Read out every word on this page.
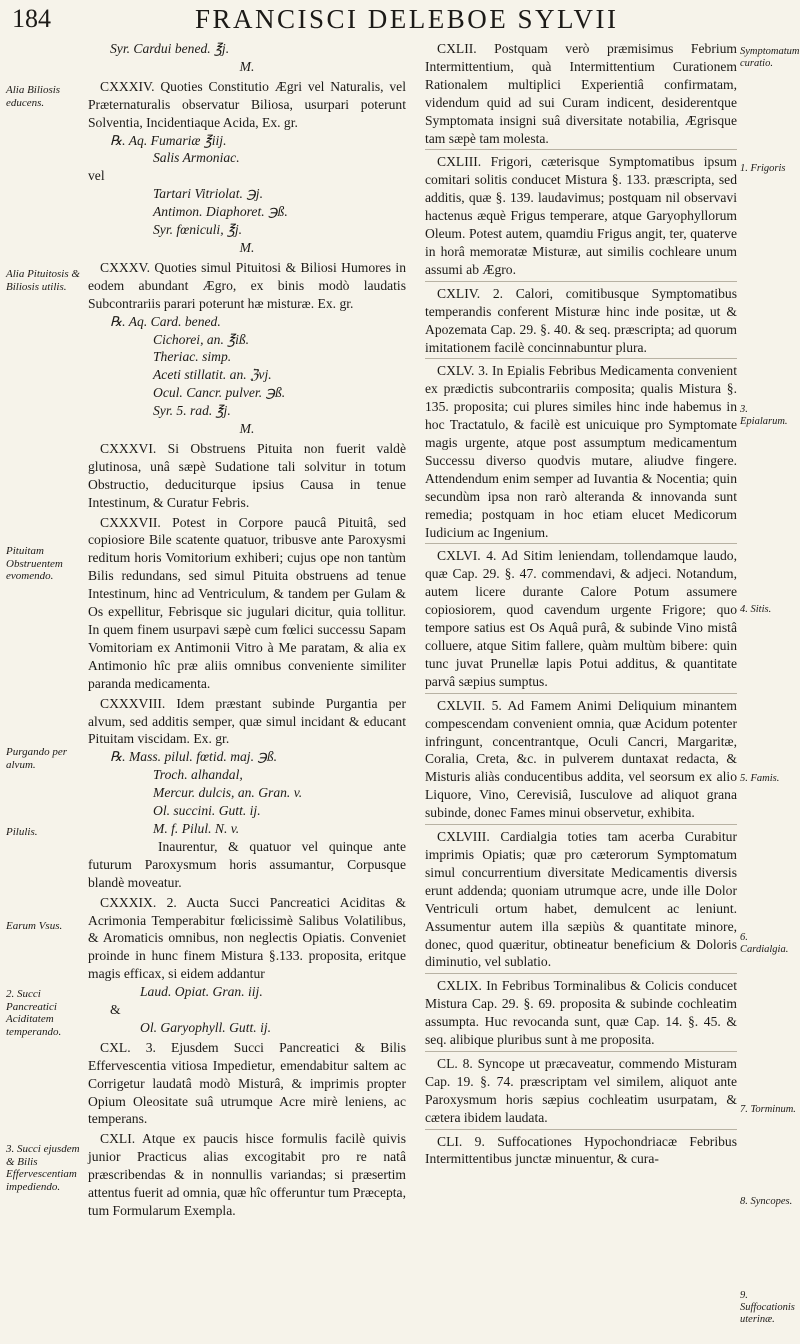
184	FRANCISCI DELEBOE SYLVII
Alia Biliosis educens.
Alia Pituitosis & Biliosis utilis.
Pituitam Obstruentem evomendo.
Purgando per alvum.
Pilulis.
Earum Vsus.
2. Succi Pancreatici Aciditatem temperando.
3. Succi ejusdem & Bilis Effervescentiam impediendo.
Symptomatum curatio.
1. Frigoris
3. Epialarum.
4. Sitis.
5. Famis.
6. Cardialgia.
7. Torminum.
8. Syncopes.
9. Suffocationis uterinæ.

Syr. Cardui bened. ℥j.

M.

CXXXIV. Quoties Constitutio Ægri vel Naturalis, vel Præternaturalis observatur Biliosa, usurpari poterunt Solventia, Incidentiaque Acida, Ex. gr.

℞. Aq. Fumariæ ℥iij.

Salis Armoniac.

vel

Tartari Vitriolat. ℈j.

Antimon. Diaphoret. ℈ß.

Syr. fœniculi, ℥j.

M.

CXXXV. Quoties simul Pituitosi & Biliosi Humores in eodem abundant Ægro, ex binis modò laudatis Subcontrariis parari poterunt hæ misturæ. Ex. gr.

℞. Aq. Card. bened.

Cichorei, an. ℥iß.

Theriac. simp.

Aceti stillatit. an. ℨvj.

Ocul. Cancr. pulver. ℈ß.

Syr. 5. rad. ℥j.

M.

CXXXVI. Si Obstruens Pituita non fuerit valdè glutinosa, unâ sæpè Sudatione tali solvitur in totum Obstructio, deduciturque ipsius Causa in tenue Intestinum, & Curatur Febris.

CXXXVII. Potest in Corpore paucâ Pituitâ, sed copiosiore Bile scatente quatuor, tribusve ante Paroxysmi reditum horis Vomitorium exhiberi; cujus ope non tantùm Bilis redundans, sed simul Pituita obstruens ad tenue Intestinum, hinc ad Ventriculum, & tandem per Gulam & Os expellitur, Febrisque sic jugulari dicitur, quia tollitur. In quem finem usurpavi sæpè cum fœlici successu Sapam Vomitoriam ex Antimonii Vitro à Me paratam, & alia ex Antimonio hîc præ aliis omnibus conveniente similiter paranda medicamenta.

CXXXVIII. Idem præstant subinde Purgantia per alvum, sed additis semper, quæ simul incidant & educant Pituitam viscidam. Ex. gr.

℞. Mass. pilul. fœtid. maj. ℈ß.

Troch. alhandal,

Mercur. dulcis, an. Gran. v.

Ol. succini. Gutt. ij.

M. f. Pilul. N. v.

Inaurentur, & quatuor vel quinque ante futurum Paroxysmum horis assumantur, Corpusque blandè moveatur.

CXXXIX. 2. Aucta Succi Pancreatici Aciditas & Acrimonia Temperabitur fœlicissimè Salibus Volatilibus, & Aromaticis omnibus, non neglectis Opiatis. Conveniet proinde in hunc finem Mistura §.133. proposita, eritque magis efficax, si eidem addantur

Laud. Opiat. Gran. iij.

&

Ol. Garyophyll. Gutt. ij.

CXL. 3. Ejusdem Succi Pancreatici & Bilis Effervescentia vitiosa Impedietur, emendabitur saltem ac Corrigetur laudatâ modò Misturâ, & imprimis propter Opium Oleositate suâ utrumque Acre mirè leniens, ac temperans.

CXLI. Atque ex paucis hisce formulis facilè quivis junior Practicus alias excogitabit pro re natâ præscribendas & in nonnullis variandas; si præsertim attentus fuerit ad omnia, quæ hîc offeruntur tum Præcepta, tum Formularum Exempla.

CXLII. Postquam verò præmisimus Febrium Intermittentium, quà Intermittentium Curationem Rationalem multiplici Experientiâ confirmatam, videndum quid ad sui Curam indicent, desiderentque Symptomata insigni suâ diversitate notabilia, Ægrisque tam sæpè tam molesta.

CXLIII. Frigori, cæterisque Symptomatibus ipsum comitari solitis conducet Mistura §. 133. præscripta, sed additis, quæ §. 139. laudavimus; postquam nil observavi hactenus æquè Frigus temperare, atque Garyophyllorum Oleum. Potest autem, quamdiu Frigus angit, ter, quaterve in horâ memoratæ Misturæ, aut similis cochleare unum assumi ab Ægro.

CXLIV. 2. Calori, comitibusque Symptomatibus temperandis conferent Misturæ hinc inde positæ, ut & Apozemata Cap. 29. §. 40. & seq. præscripta; ad quorum imitationem facilè concinnabuntur plura.

CXLV. 3. In Epialis Febribus Medicamenta convenient ex prædictis subcontrariis composita; qualis Mistura §. 135. proposita; cui plures similes hinc inde habemus in hoc Tractatulo, & facilè est unicuique pro Symptomate magis urgente, atque post assumptum medicamentum Successu diverso quodvis mutare, aliudve fingere. Attendendum enim semper ad Iuvantia & Nocentia; quin secundùm ipsa non rarò alteranda & innovanda sunt remedia; postquam in hoc etiam elucet Medicorum Iudicium ac Ingenium.

CXLVI. 4. Ad Sitim leniendam, tollendamque laudo, quæ Cap. 29. §. 47. commendavi, & adjeci. Notandum, autem licere durante Calore Potum assumere copiosiorem, quod cavendum urgente Frigore; quo tempore satius est Os Aquâ purâ, & subinde Vino mistâ colluere, atque Sitim fallere, quàm multùm bibere: quin tunc juvat Prunellæ lapis Potui additus, & quantitate parvâ sæpius sumptus.

CXLVII. 5. Ad Famem Animi Deliquium minantem compescendam convenient omnia, quæ Acidum potenter infringunt, concentrantque, Oculi Cancri, Margaritæ, Coralia, Creta, &c. in pulverem duntaxat redacta, & Misturis aliàs conducentibus addita, vel seorsum ex alio Liquore, Vino, Cerevisiâ, Iusculove ad aliquot grana subinde, donec Fames minui observetur, exhibita.

CXLVIII. Cardialgia toties tam acerba Curabitur imprimis Opiatis; quæ pro cæterorum Symptomatum simul concurrentium diversitate Medicamentis diversis erunt addenda; quoniam utrumque acre, unde ille Dolor Ventriculi ortum habet, demulcent ac leniunt. Assumentur autem illa sæpiùs & quantitate minore, donec, quod quæritur, obtineatur beneficium & Doloris diminutio, vel sublatio.

CXLIX. In Febribus Torminalibus & Colicis conducet Mistura Cap. 29. §. 69. proposita & subinde cochleatim assumpta. Huc revocanda sunt, quæ Cap. 14. §. 45. & seq. alibique pluribus sunt à me proposita.

CL. 8. Syncope ut præcaveatur, commendo Misturam Cap. 19. §. 74. præscriptam vel similem, aliquot ante Paroxysmum horis sæpius cochleatim usurpatam, & cætera ibidem laudata.

CLI. 9. Suffocationes Hypochondriacæ Febribus Intermittentibus junctæ minuentur, & cura-
